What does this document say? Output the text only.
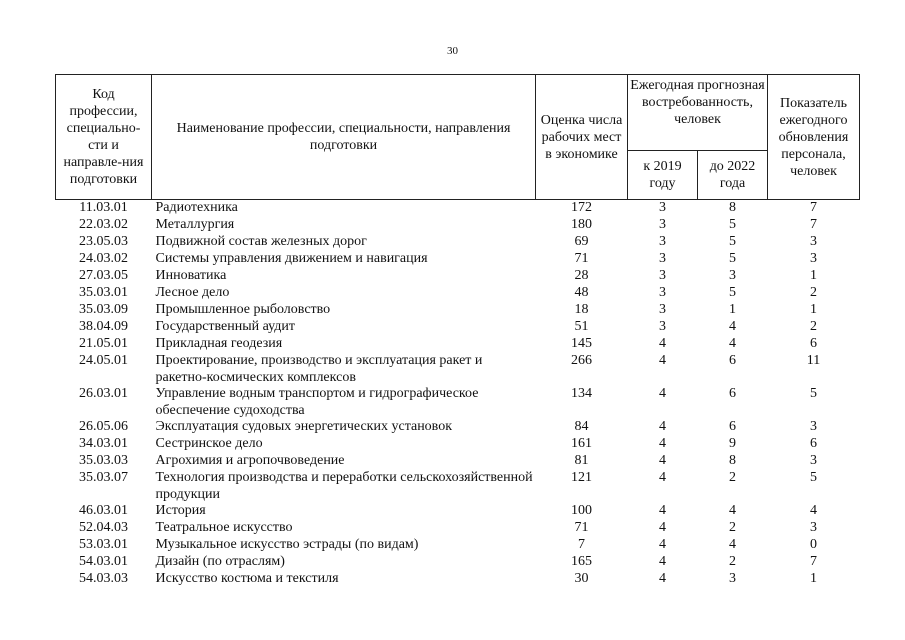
30
Код профессии, специально-сти и направле-ния подготовки	Наименование профессии, специальности, направления подготовки	Оценка числа рабочих мест в экономике	Ежегодная прогнозная востребованность, человек		Показатель ежегодного обновления персонала, человек
			к 2019 году	до 2022 года	
11.03.01	Радиотехника	172	3	8	7
22.03.02	Металлургия	180	3	5	7
23.05.03	Подвижной состав железных дорог	69	3	5	3
24.03.02	Системы управления движением и навигация	71	3	5	3
27.03.05	Инноватика	28	3	3	1
35.03.01	Лесное дело	48	3	5	2
35.03.09	Промышленное рыболовство	18	3	1	1
38.04.09	Государственный аудит	51	3	4	2
21.05.01	Прикладная геодезия	145	4	4	6
24.05.01	Проектирование, производство и эксплуатация ракет и ракетно-космических комплексов	266	4	6	11
26.03.01	Управление водным транспортом и гидрографическое обеспечение судоходства	134	4	6	5
26.05.06	Эксплуатация судовых энергетических установок	84	4	6	3
34.03.01	Сестринское дело	161	4	9	6
35.03.03	Агрохимия и агропочвоведение	81	4	8	3
35.03.07	Технология производства и переработки сельскохозяйственной продукции	121	4	2	5
46.03.01	История	100	4	4	4
52.04.03	Театральное искусство	71	4	2	3
53.03.01	Музыкальное искусство эстрады (по видам)	7	4	4	0
54.03.01	Дизайн (по отраслям)	165	4	2	7
54.03.03	Искусство костюма и текстиля	30	4	3	1
